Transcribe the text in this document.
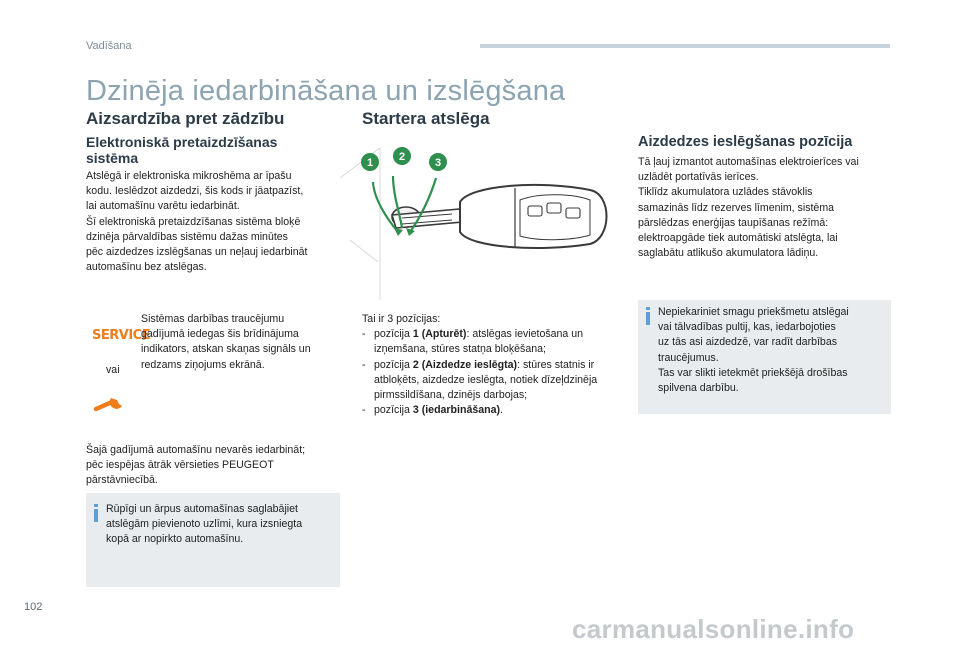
Vadīšana
Dzinēja iedarbināšana un izslēgšana
Aizsardzība pret zādzību
Elektroniskā pretaizdzīšanas sistēma
Atslēgā ir elektroniska mikroshēma ar īpašu
kodu. Ieslēdzot aizdedzi, šis kods ir jāatpazīst,
lai automašīnu varētu iedarbināt.
Šī elektroniskā pretaizdzīšanas sistēma bloķē
dzinēja pārvaldības sistēmu dažas minūtes
pēc aizdedzes izslēgšanas un neļauj iedarbināt
automašīnu bez atslēgas.
SERVICE
vai
Sistēmas darbības traucējumu
gadījumā iedegas šis brīdinājuma
indikators, atskan skaņas signāls un
redzams ziņojums ekrānā.
Šajā gadījumā automašīnu nevarēs iedarbināt;
pēc iespējas ātrāk vērsieties PEUGEOT
pārstāvniecībā.
Rūpīgi un ārpus automašīnas saglabājiet
atslēgām pievienoto uzlīmi, kura izsniegta
kopā ar nopirkto automašīnu.
Startera atslēga
1 2	3
Tai ir 3 pozīcijas:
- pozīcija 1 (Apturēt): atslēgas ievietošana un izņemšana, stūres statņa bloķēšana;
- pozīcija 2 (Aizdedze ieslēgta): stūres statnis ir atbloķēts, aizdedze ieslēgta, notiek dīzeļdzinēja pirmssildīšana, dzinējs darbojas;
- pozīcija 3 (iedarbināšana).
Aizdedzes ieslēgšanas pozīcija
Tā ļauj izmantot automašīnas elektroierīces vai
uzlādēt portatīvās ierīces.
Tiklīdz akumulatora uzlādes stāvoklis
samazinās līdz rezerves līmenim, sistēma
pārslēdzas enerģijas taupīšanas režīmā:
elektroapgāde tiek automātiski atslēgta, lai
saglabātu atlikušo akumulatora lādiņu.
Nepiekariniet smagu priekšmetu atslēgai
vai tālvadības pultij, kas, iedarbojoties
uz tās asi aizdedzē, var radīt darbības
traucējumus.
Tas var slikti ietekmēt priekšējā drošības
spilvena darbību.
102
carmanualsonline.info
